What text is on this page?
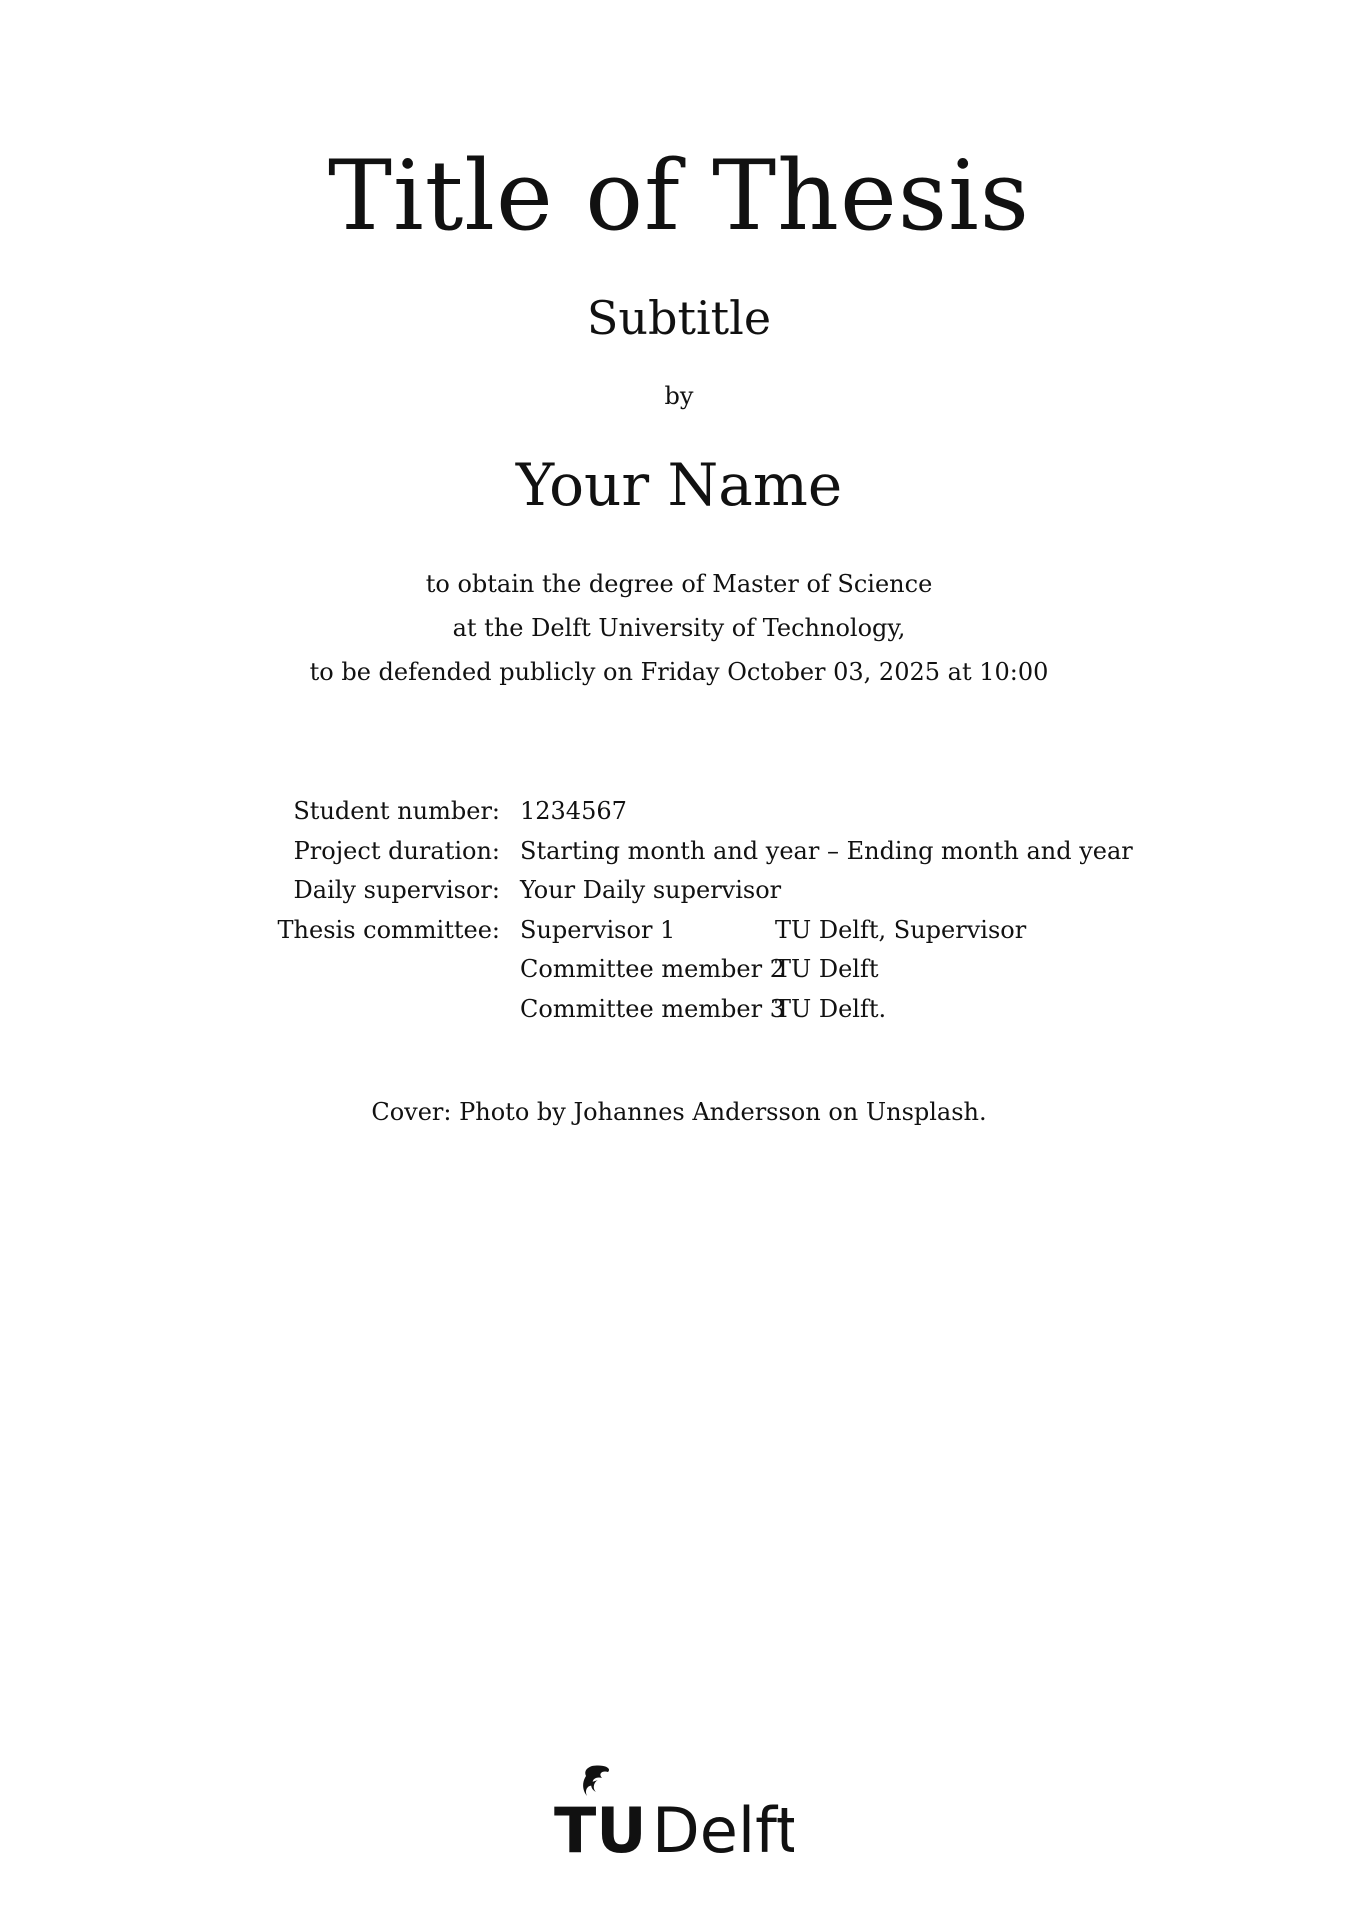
Title of Thesis
Subtitle
by
Your Name
to obtain the degree of Master of Science
at the Delft University of Technology,
to be defended publicly on Friday October 03, 2025 at 10:00
Student number: 1234567
Project duration: Starting month and year – Ending month and year
Daily supervisor: Your Daily supervisor
Thesis committee: Supervisor 1	TU Delft, Supervisor
Committee member 2
TU Delft
Committee member 3
TU Delft.
Cover: Photo by Johannes Andersson on Unsplash.
TU Delft
